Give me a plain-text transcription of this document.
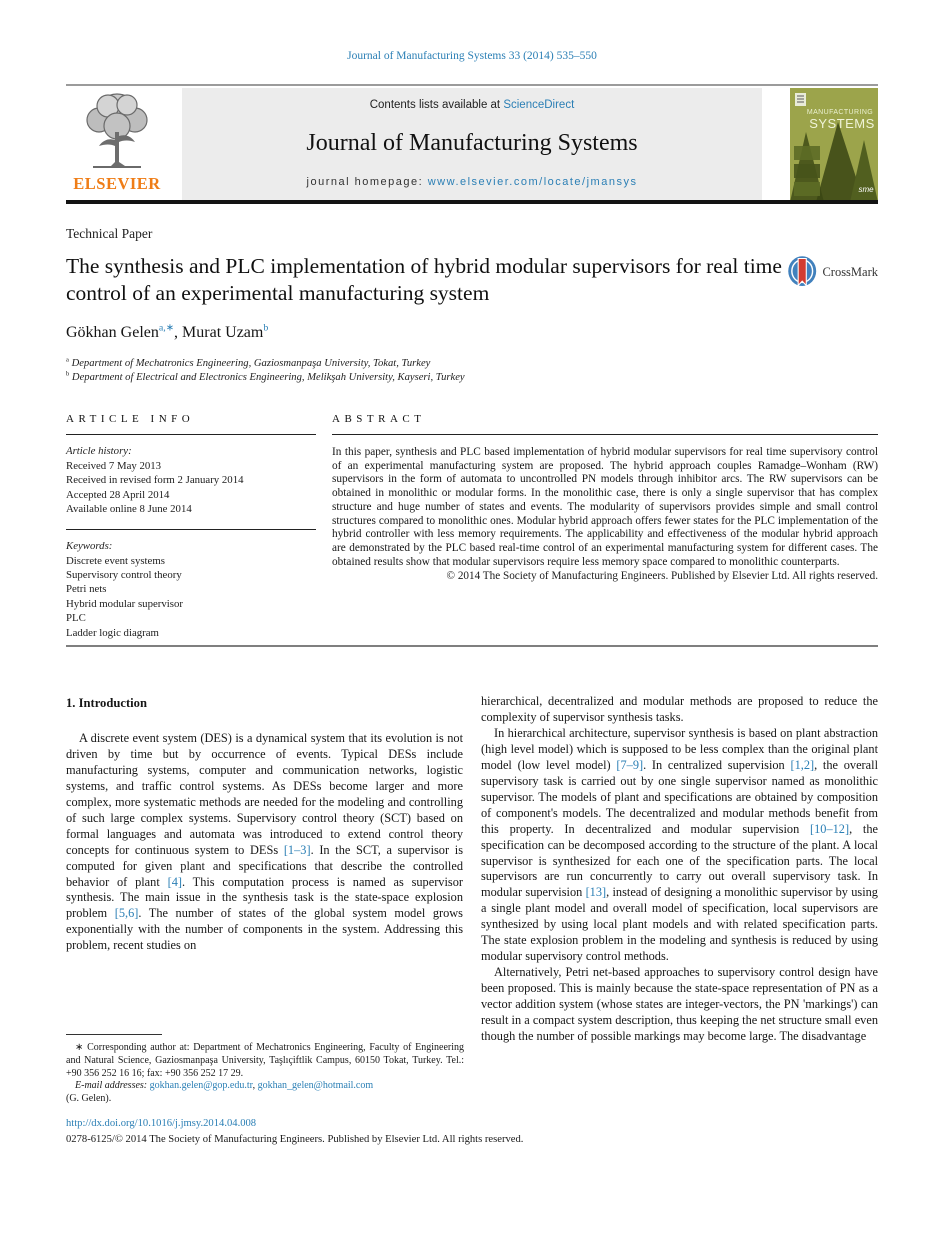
Journal of Manufacturing Systems 33 (2014) 535–550
ELSEVIER
Contents lists available at ScienceDirect
Journal of Manufacturing Systems
journal homepage: www.elsevier.com/locate/jmansys
MANUFACTURING
SYSTEMS
sme
Technical Paper
The synthesis and PLC implementation of hybrid modular supervisors for real time control of an experimental manufacturing system
Gökhan Gelen$^{a,∗}$, Murat Uzam$^b$

$^a$ Department of Mechatronics Engineering, Gaziosmanpaşa University, Tokat, Turkey

$^b$ Department of Electrical and Electronics Engineering, Melikşah University, Kayseri, Turkey

CrossMark
ARTICLE INFO
Article history:
Received 7 May 2013
Received in revised form 2 January 2014
Accepted 28 April 2014
Available online 8 June 2014
Keywords:
Discrete event systems
Supervisory control theory
Petri nets
Hybrid modular supervisor
PLC
Ladder logic diagram
ABSTRACT
In this paper, synthesis and PLC based implementation of hybrid modular supervisors for real time supervisory control of an experimental manufacturing system are proposed. The hybrid approach couples Ramadge–Wonham (RW) supervisors in the form of automata to uncontrolled PN models through inhibitor arcs. The RW supervisors can be obtained in monolithic or modular forms. In the monolithic case, there is only a single supervisor that has complex structure and huge number of states and events. The modularity of supervisors provides simple and small control structures compared to monolithic ones. Modular hybrid approach offers fewer states for the PLC implementation of the hybrid controller with less memory requirements. The applicability and effectiveness of the modular hybrid approach are demonstrated by the PLC based real-time control of an experimental manufacturing system for different cases. The obtained results show that modular supervisors require less memory space compared to monolithic counterparts.
© 2014 The Society of Manufacturing Engineers. Published by Elsevier Ltd. All rights reserved.
1. Introduction

A discrete event system (DES) is a dynamical system that its evolution is not driven by time but by occurrence of events. Typical DESs include manufacturing systems, computer and communication networks, logistic systems, and traffic control systems. As DESs become larger and more complex, more systematic methods are needed for the modeling and controlling of such large complex systems. Supervisory control theory (SCT) based on formal languages and automata was introduced to extend control theory concepts for continuous system to DESs [1–3]. In the SCT, a supervisor is computed for given plant and specifications that describe the controlled behavior of plant [4]. This computation process is named as supervisor synthesis. The main issue in the synthesis task is the state-space explosion problem [5,6]. The number of states of the global system model grows exponentially with the number of components in the system. Addressing this problem, recent studies on

hierarchical, decentralized and modular methods are proposed to reduce the complexity of supervisor synthesis tasks.

In hierarchical architecture, supervisor synthesis is based on plant abstraction (high level model) which is supposed to be less complex than the original plant model (low level model) [7–9]. In centralized supervision [1,2], the overall supervisory task is carried out by one single supervisor named as monolithic supervisor. The models of plant and specifications are obtained by composition of component's models. The decentralized and modular methods benefit from this property. In decentralized and modular supervision [10–12], the specification can be decomposed according to the structure of the plant. A local supervisor is synthesized for each one of the specification parts. The local supervisors are run concurrently to carry out overall supervisory task. In modular supervision [13], instead of designing a monolithic supervisor by using a single plant model and overall model of specification, local supervisors are synthesized by using local plant models and with related specification parts. The state explosion problem in the modeling and synthesis is reduced by using modular supervisory control methods.

Alternatively, Petri net-based approaches to supervisory control design have been proposed. This is mainly because the state-space representation of PN as a vector addition system (whose states are integer-vectors, the PN 'markings') can result in a compact system description, thus keeping the net structure small even though the number of possible markings may become large. The disadvantage

∗ Corresponding author at: Department of Mechatronics Engineering, Faculty of Engineering and Natural Science, Gaziosmanpaşa University, Taşlıçiftlik Campus, 60150 Tokat, Turkey. Tel.: +90 356 252 16 16; fax: +90 356 252 17 29.

E-mail addresses: gokhan.gelen@gop.edu.tr, gokhan_gelen@hotmail.com

(G. Gelen).

http://dx.doi.org/10.1016/j.jmsy.2014.04.008
0278-6125/© 2014 The Society of Manufacturing Engineers. Published by Elsevier Ltd. All rights reserved.
